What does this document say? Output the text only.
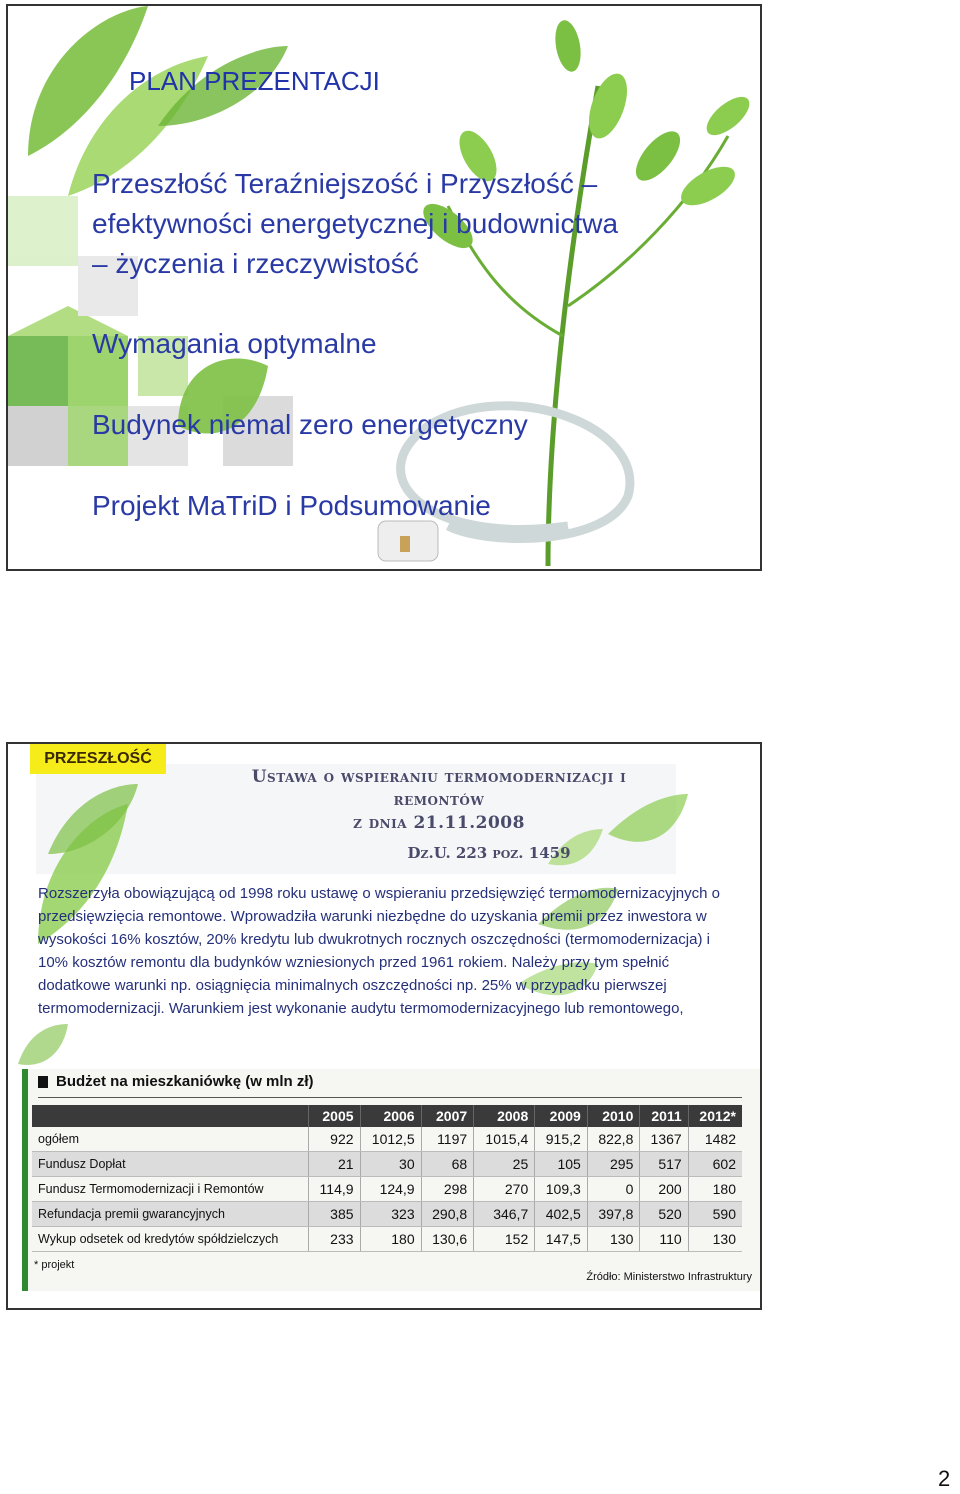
PLAN PREZENTACJI
Przeszłość Teraźniejszość i Przyszłość –
efektywności energetycznej i budownictwa
– życzenia i rzeczywistość
Wymagania optymalne
Budynek niemal zero energetyczny
Projekt MaTriD i Podsumowanie
PRZESZŁOŚĆ
Ustawa o wspieraniu termomodernizacji i
remontów
z dnia 21.11.2008

Dz.U. 223 poz. 1459

Rozszerzyła obowiązującą od 1998 roku ustawę o wspieraniu przedsięwzięć termomodernizacyjnych o przedsięwzięcia remontowe. Wprowadziła warunki niezbędne do uzyskania premii przez inwestora w wysokości 16% kosztów, 20% kredytu lub dwukrotnych rocznych oszczędności (termomodernizacja) i 10% kosztów remontu dla budynków wzniesionych przed 1961 rokiem. Należy przy tym spełnić dodatkowe warunki np. osiągnięcia minimalnych oszczędności np. 25% w przypadku pierwszej termomodernizacji. Warunkiem jest wykonanie audytu termomodernizacyjnego lub remontowego,

Budżet na mieszkaniówkę (w mln zł)
	2005	2006	2007	2008	2009	2010	2011	2012*
ogółem	922	1012,5	1197	1015,4	915,2	822,8	1367	1482
Fundusz Dopłat	21	30	68	25	105	295	517	602
Fundusz Termomodernizacji i Remontów	114,9	124,9	298	270	109,3	0	200	180
Refundacja premii gwarancyjnych	385	323	290,8	346,7	402,5	397,8	520	590
Wykup odsetek od kredytów spółdzielczych	233	180	130,6	152	147,5	130	110	130
* projekt
Źródło: Ministerstwo Infrastruktury
2
